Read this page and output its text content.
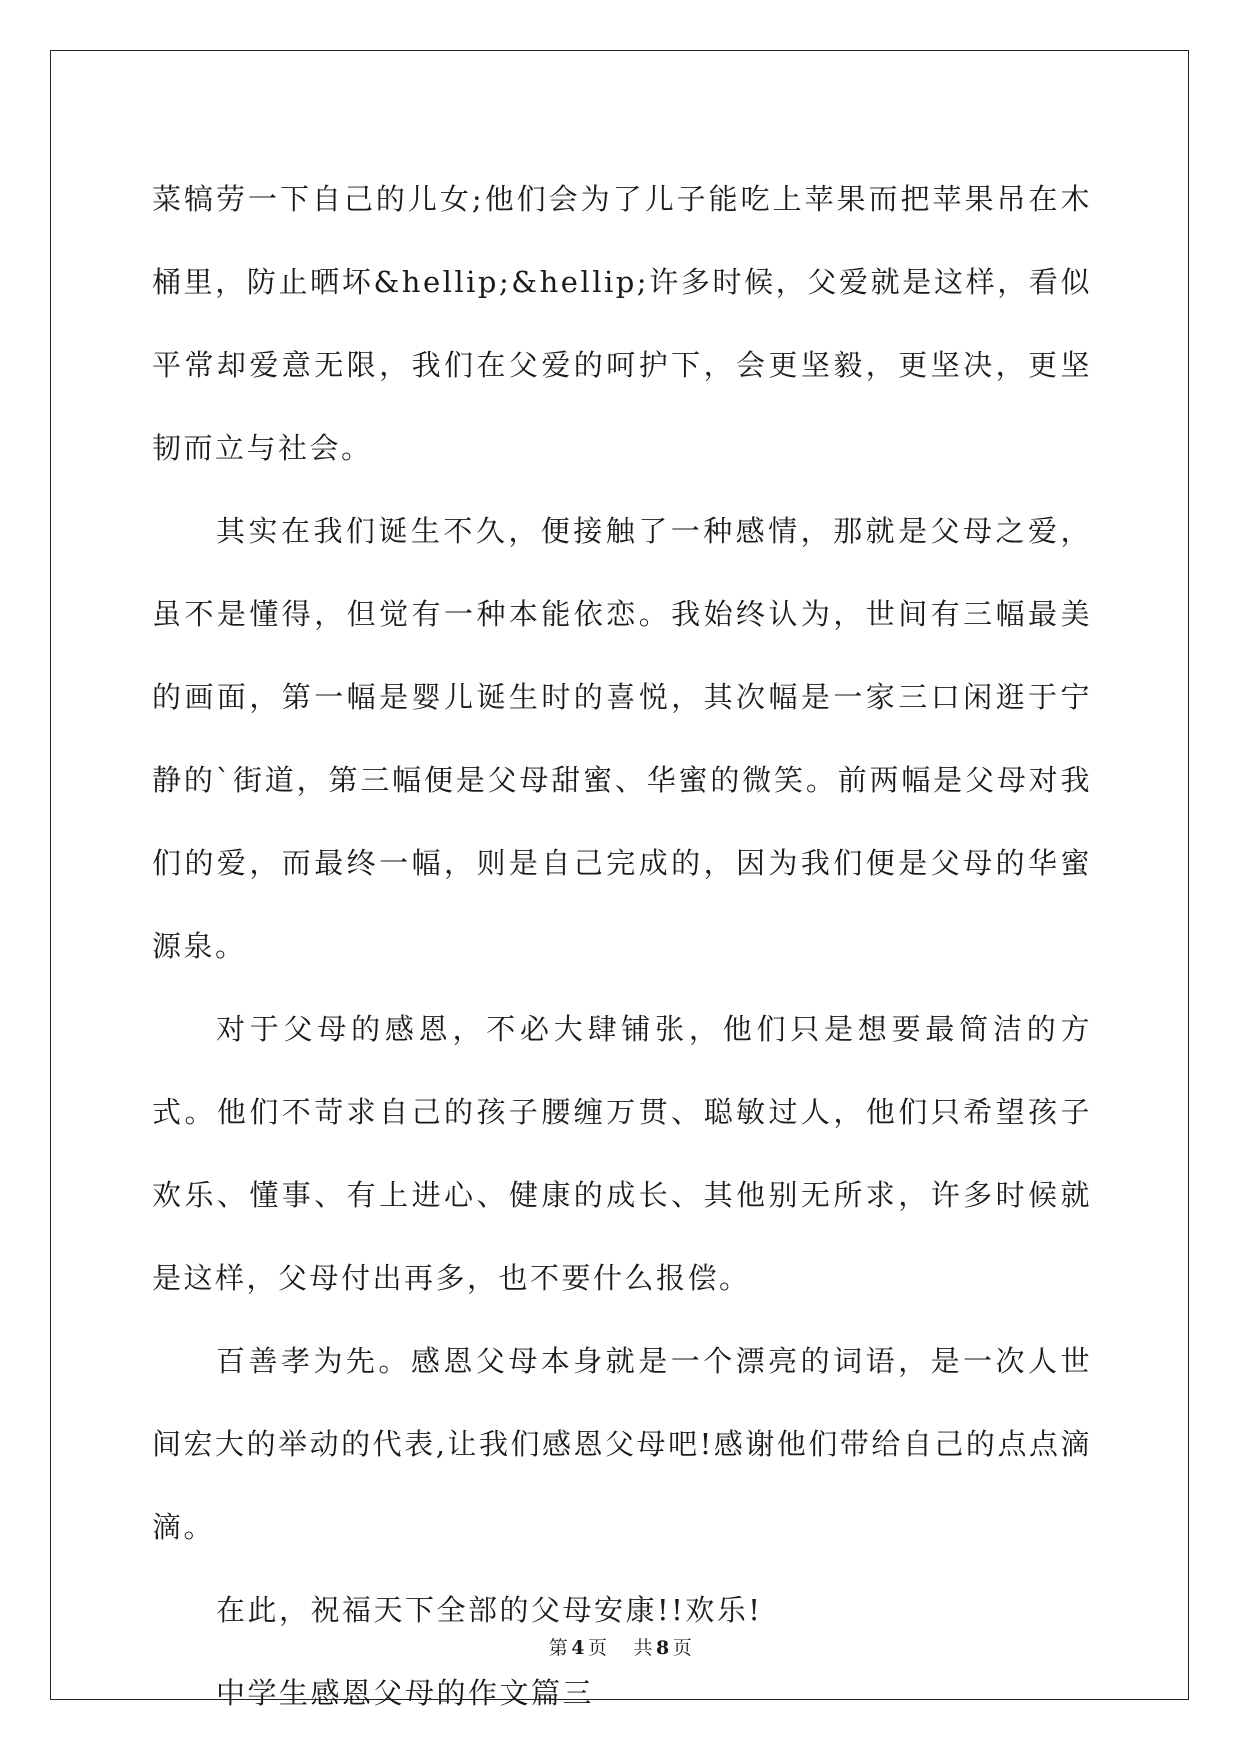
菜犒劳一下自己的儿女;他们会为了儿子能吃上苹果而把苹果吊在木桶里，防止晒坏&hellip;&hellip;许多时候，父爱就是这样，看似平常却爱意无限，我们在父爱的呵护下，会更坚毅，更坚决，更坚韧而立与社会。

其实在我们诞生不久，便接触了一种感情，那就是父母之爱，虽不是懂得，但觉有一种本能依恋。我始终认为，世间有三幅最美的画面，第一幅是婴儿诞生时的喜悦，其次幅是一家三口闲逛于宁静的`街道，第三幅便是父母甜蜜、华蜜的微笑。前两幅是父母对我们的爱，而最终一幅，则是自己完成的，因为我们便是父母的华蜜源泉。

对于父母的感恩，不必大肆铺张，他们只是想要最简洁的方式。他们不苛求自己的孩子腰缠万贯、聪敏过人，他们只希望孩子欢乐、懂事、有上进心、健康的成长、其他别无所求，许多时候就是这样，父母付出再多，也不要什么报偿。

百善孝为先。感恩父母本身就是一个漂亮的词语，是一次人世间宏大的举动的代表,让我们感恩父母吧!感谢他们带给自己的点点滴滴。

在此，祝福天下全部的父母安康!!欢乐!

中学生感恩父母的作文篇三

第 4 页 共 8 页
